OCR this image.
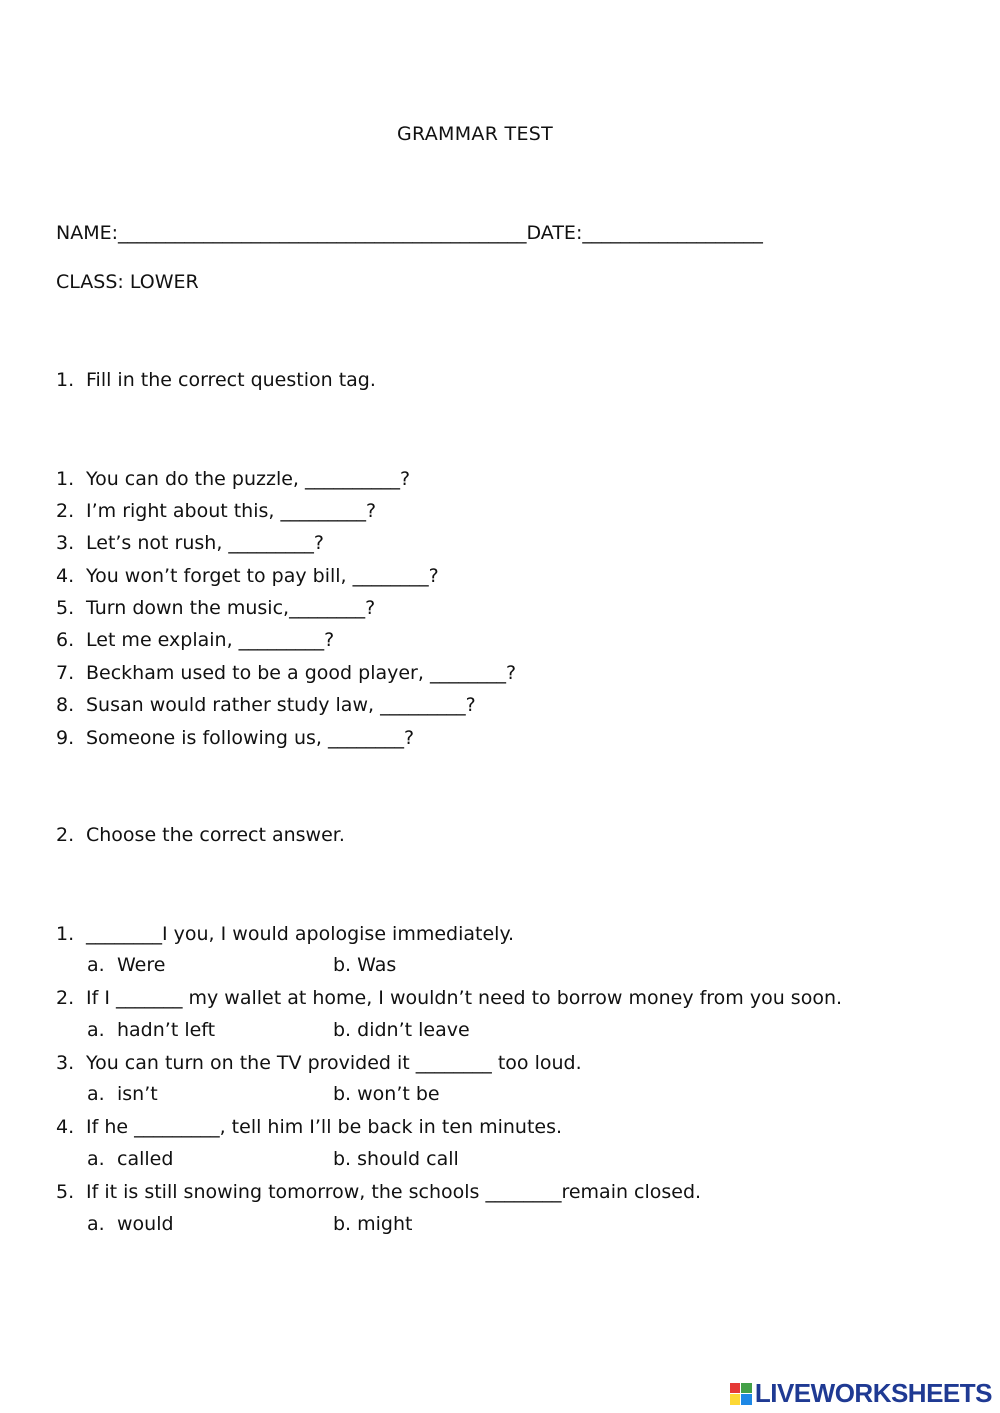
GRAMMAR TEST
NAME:___________________________________________DATE:___________________
CLASS: LOWER
1. Fill in the correct question tag.
1. You can do the puzzle, __________?
2. I’m right about this, _________?
3. Let’s not rush, _________?
4. You won’t forget to pay bill, ________?
5. Turn down the music,________?
6. Let me explain, _________?
7. Beckham used to be a good player, ________?
8. Susan would rather study law, _________?
9. Someone is following us, ________?
2. Choose the correct answer.
1. ________I you, I would apologise immediately.
a. Were	b. Was
2. If I _______ my wallet at home, I wouldn’t need to borrow money from you soon.
a. hadn’t left	b. didn’t leave
3. You can turn on the TV provided it ________ too loud.
a. isn’t	b. won’t be
4. If he _________, tell him I’ll be back in ten minutes.
a. called	b. should call
5. If it is still snowing tomorrow, the schools ________remain closed.
a. would	b. might
LIVEWORKSHEETS
